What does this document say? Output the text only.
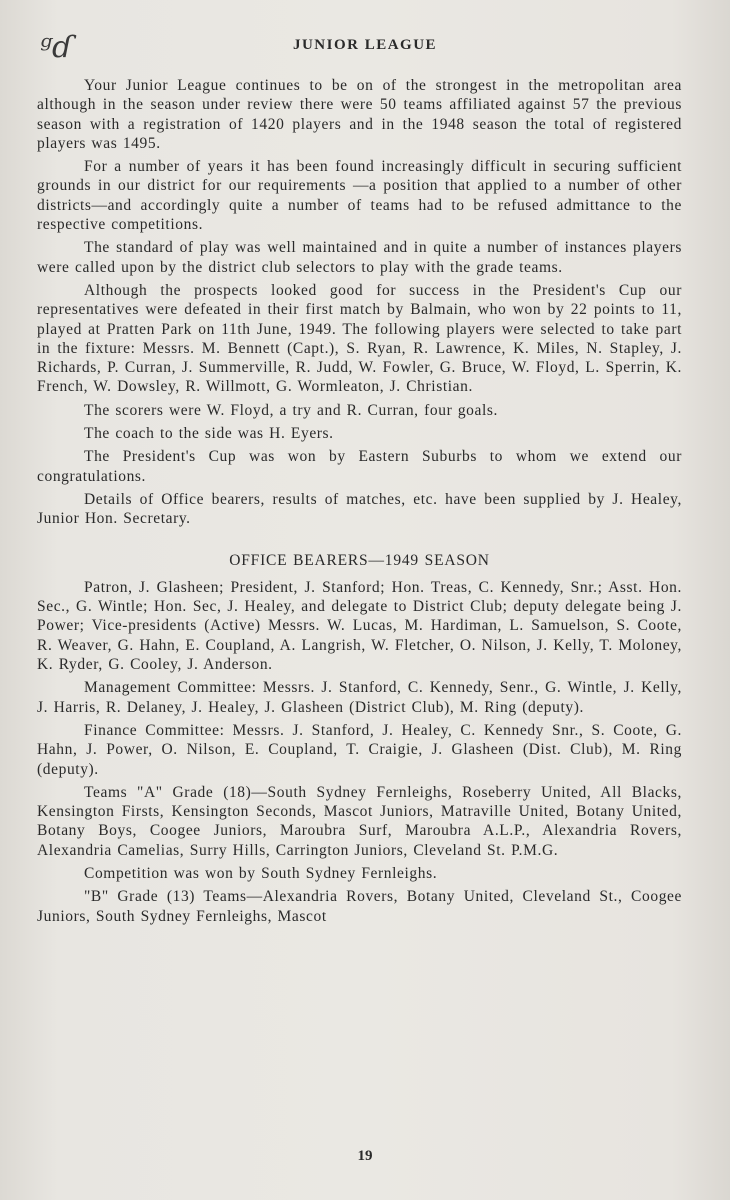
ᵍɗ	JUNIOR LEAGUE

Your Junior League continues to be on of the strongest in the metropolitan area although in the season under review there were 50 teams affiliated against 57 the previous season with a registration of 1420 players and in the 1948 season the total of registered players was 1495.

For a number of years it has been found increasingly difficult in securing sufficient grounds in our district for our requirements —a position that applied to a number of other districts—and accordingly quite a number of teams had to be refused admittance to the respective competitions.

The standard of play was well maintained and in quite a number of instances players were called upon by the district club selectors to play with the grade teams.

Although the prospects looked good for success in the President's Cup our representatives were defeated in their first match by Balmain, who won by 22 points to 11, played at Pratten Park on 11th June, 1949. The following players were selected to take part in the fixture: Messrs. M. Bennett (Capt.), S. Ryan, R. Lawrence, K. Miles, N. Stapley, J. Richards, P. Curran, J. Summerville, R. Judd, W. Fowler, G. Bruce, W. Floyd, L. Sperrin, K. French, W. Dowsley, R. Willmott, G. Wormleaton, J. Christian.

The scorers were W. Floyd, a try and R. Curran, four goals.

The coach to the side was H. Eyers.

The President's Cup was won by Eastern Suburbs to whom we extend our congratulations.

Details of Office bearers, results of matches, etc. have been supplied by J. Healey, Junior Hon. Secretary.

OFFICE BEARERS—1949 SEASON

Patron, J. Glasheen; President, J. Stanford; Hon. Treas, C. Kennedy, Snr.; Asst. Hon. Sec., G. Wintle; Hon. Sec, J. Healey, and delegate to District Club; deputy delegate being J. Power; Vice-presidents (Active) Messrs. W. Lucas, M. Hardiman, L. Samuelson, S. Coote, R. Weaver, G. Hahn, E. Coupland, A. Langrish, W. Fletcher, O. Nilson, J. Kelly, T. Moloney, K. Ryder, G. Cooley, J. Anderson.

Management Committee: Messrs. J. Stanford, C. Kennedy, Senr., G. Wintle, J. Kelly, J. Harris, R. Delaney, J. Healey, J. Glasheen (District Club), M. Ring (deputy).

Finance Committee: Messrs. J. Stanford, J. Healey, C. Kennedy Snr., S. Coote, G. Hahn, J. Power, O. Nilson, E. Coupland, T. Craigie, J. Glasheen (Dist. Club), M. Ring (deputy).

Teams "A" Grade (18)—South Sydney Fernleighs, Roseberry United, All Blacks, Kensington Firsts, Kensington Seconds, Mascot Juniors, Matraville United, Botany United, Botany Boys, Coogee Juniors, Maroubra Surf, Maroubra A.L.P., Alexandria Rovers, Alexandria Camelias, Surry Hills, Carrington Juniors, Cleveland St. P.M.G.

Competition was won by South Sydney Fernleighs.

"B" Grade (13) Teams—Alexandria Rovers, Botany United, Cleveland St., Coogee Juniors, South Sydney Fernleighs, Mascot

19
